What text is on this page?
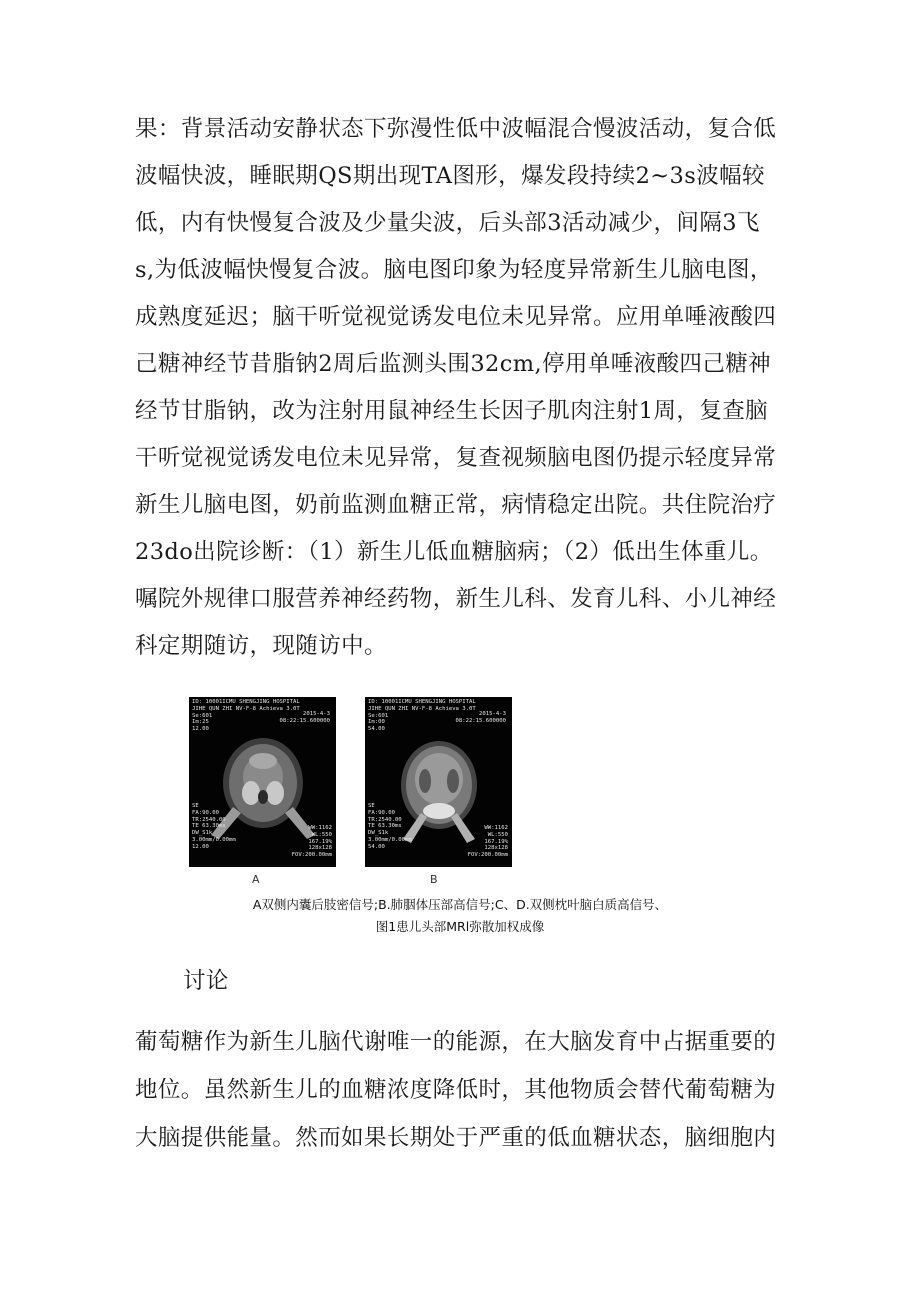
果：背景活动安静状态下弥漫性低中波幅混合慢波活动，复合低
波幅快波，睡眠期QS期出现TA图形，爆发段持续2~3s波幅较
低，内有快慢复合波及少量尖波，后头部3活动减少，间隔3飞
s,为低波幅快慢复合波。脑电图印象为轻度异常新生儿脑电图，
成熟度延迟；脑干听觉视觉诱发电位未见异常。应用单唾液酸四
己糖神经节昔脂钠2周后监测头围32cm,停用单唾液酸四己糖神
经节甘脂钠，改为注射用鼠神经生长因子肌肉注射1周，复查脑
干听觉视觉诱发电位未见异常，复查视频脑电图仍提示轻度异常
新生儿脑电图，奶前监测血糖正常，病情稳定出院。共住院治疗
23do出院诊断：（1）新生儿低血糖脑病；（2）低出生体重儿。
嘱院外规律口服营养神经药物，新生儿科、发育儿科、小儿神经
科定期随访，现随访中。
ID: 10001ICMU SHENGJING HOSPITAL
JIHE QUN ZHI NV-F-8 Achieva 3.0T
Se:601
Im:25
12.00
2015-4-3
08:22:15.600000
SE
FA:90.00
TR:2540.00
TE 63.30ms
DW_S1k
3.00mm/0.00mm
12.00
WW:1162
WL:550
167.19%
128x128
FOV:200.00mm
A
ID: 10001ICMU SHENGJING HOSPITAL
JIHE QUN ZHI NV-F-8 Achieva 3.0T
Se:601
Im:00
54.00
2015-4-3
08:22:15.600000
SE
FA:90.00
TR:2540.00
TE 63.30ms
DW_S1k
3.00mm/0.00mm
54.00
WW:1162
WL:550
167.19%
128x128
FOV:200.00mm
B
A双侧内囊后肢密信号;B.肺胭体压部高信号;C、D.双侧枕叶脑白质高信号、
图1患儿头部MRl弥散加权成像
讨论
葡萄糖作为新生儿脑代谢唯一的能源，在大脑发育中占据重要的
地位。虽然新生儿的血糖浓度降低时，其他物质会替代葡萄糖为
大脑提供能量。然而如果长期处于严重的低血糖状态，脑细胞内
